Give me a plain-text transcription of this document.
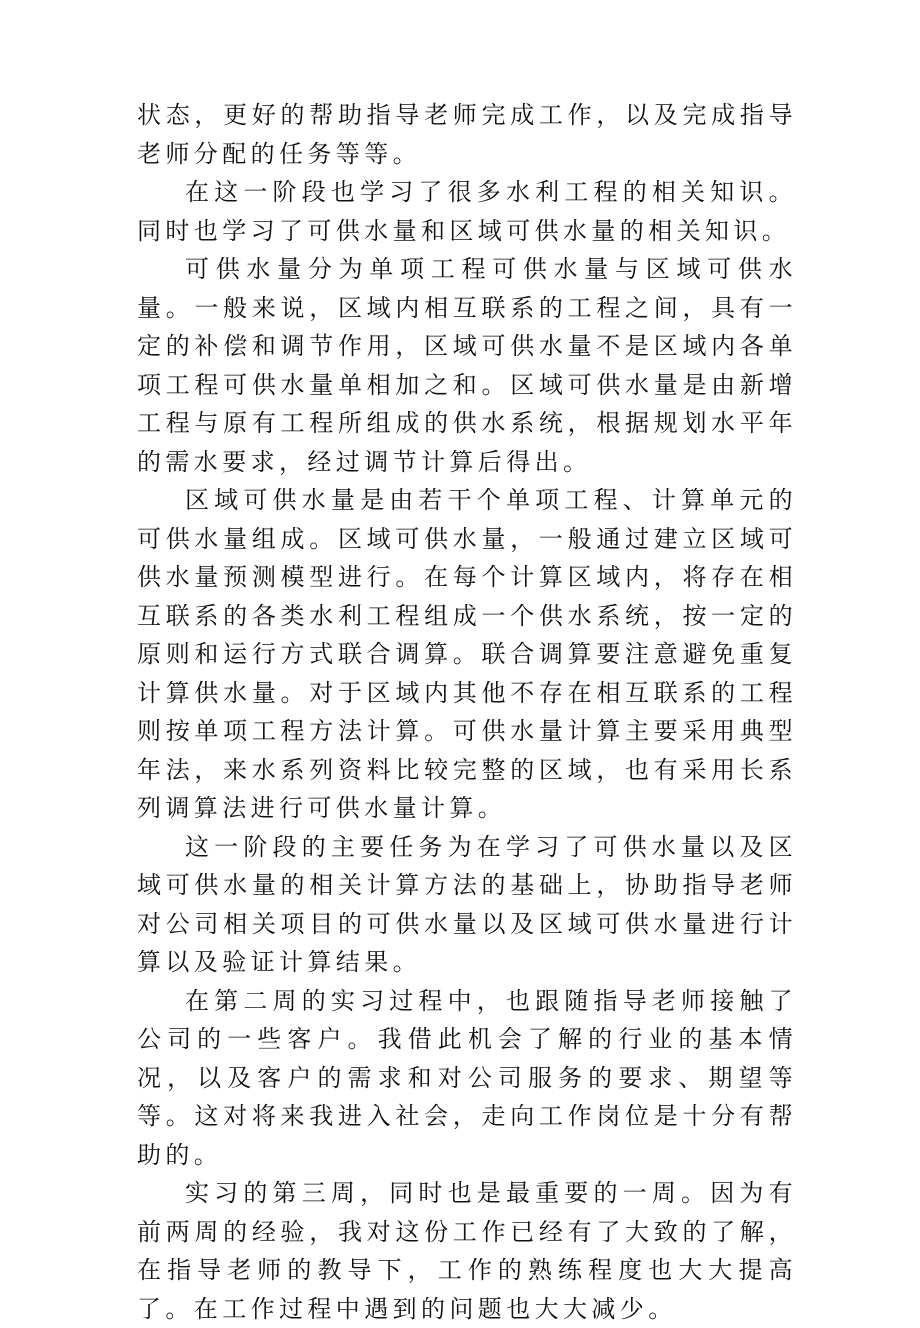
状态，更好的帮助指导老师完成工作，以及完成指导老师分配的任务等等。

在这一阶段也学习了很多水利工程的相关知识。同时也学习了可供水量和区域可供水量的相关知识。

可供水量分为单项工程可供水量与区域可供水量。一般来说，区域内相互联系的工程之间，具有一定的补偿和调节作用，区域可供水量不是区域内各单项工程可供水量单相加之和。区域可供水量是由新增工程与原有工程所组成的供水系统，根据规划水平年的需水要求，经过调节计算后得出。

区域可供水量是由若干个单项工程、计算单元的可供水量组成。区域可供水量，一般通过建立区域可供水量预测模型进行。在每个计算区域内，将存在相互联系的各类水利工程组成一个供水系统，按一定的原则和运行方式联合调算。联合调算要注意避免重复计算供水量。对于区域内其他不存在相互联系的工程则按单项工程方法计算。可供水量计算主要采用典型年法，来水系列资料比较完整的区域，也有采用长系列调算法进行可供水量计算。

这一阶段的主要任务为在学习了可供水量以及区域可供水量的相关计算方法的基础上，协助指导老师对公司相关项目的可供水量以及区域可供水量进行计算以及验证计算结果。

在第二周的实习过程中，也跟随指导老师接触了公司的一些客户。我借此机会了解的行业的基本情况，以及客户的需求和对公司服务的要求、期望等等。这对将来我进入社会，走向工作岗位是十分有帮助的。

实习的第三周，同时也是最重要的一周。因为有前两周的经验，我对这份工作已经有了大致的了解，在指导老师的教导下，工作的熟练程度也大大提高了。在工作过程中遇到的问题也大大减少。
